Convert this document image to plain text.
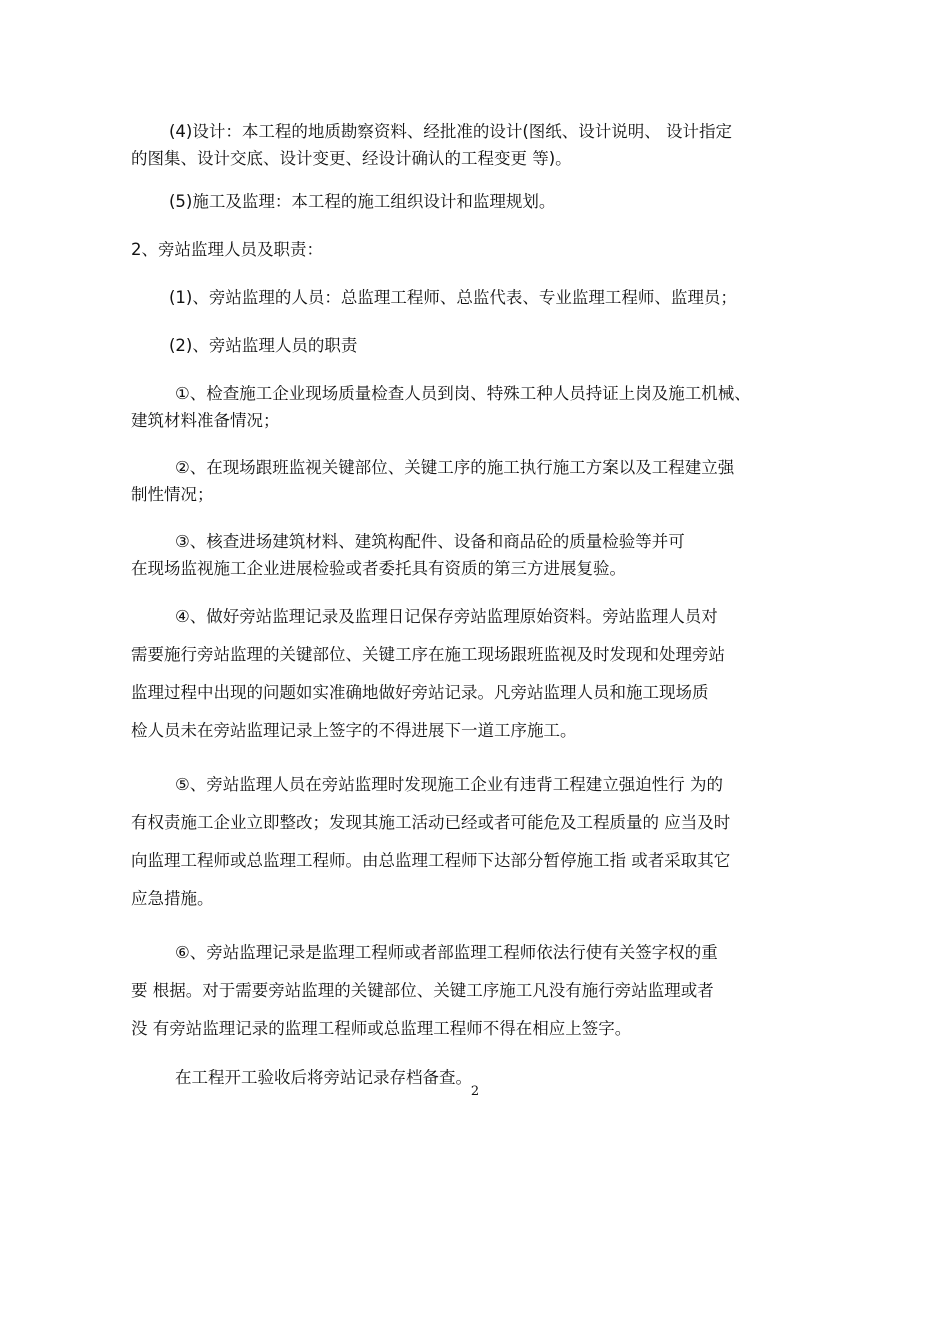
(4)设计：本工程的地质勘察资料、经批准的设计(图纸、设计说明、 设计指定
的图集、设计交底、设计变更、经设计确认的工程变更 等)。

(5)施工及监理：本工程的施工组织设计和监理规划。

2、旁站监理人员及职责：

(1)、旁站监理的人员：总监理工程师、总监代表、专业监理工程师、监理员；

(2)、旁站监理人员的职责

①、检查施工企业现场质量检查人员到岗、特殊工种人员持证上岗及施工机械、
建筑材料准备情况；

②、在现场跟班监视关键部位、关键工序的施工执行施工方案以及工程建立强
制性情况；

③、核查进场建筑材料、建筑构配件、设备和商品砼的质量检验等并可
在现场监视施工企业进展检验或者委托具有资质的第三方进展复验。

④、做好旁站监理记录及监理日记保存旁站监理原始资料。旁站监理人员对
需要施行旁站监理的关键部位、关键工序在施工现场跟班监视及时发现和处理旁站
监理过程中出现的问题如实准确地做好旁站记录。凡旁站监理人员和施工现场质
检人员未在旁站监理记录上签字的不得进展下一道工序施工。

⑤、旁站监理人员在旁站监理时发现施工企业有违背工程建立强迫性行 为的
有权责施工企业立即整改；发现其施工活动已经或者可能危及工程质量的 应当及时
向监理工程师或总监理工程师。由总监理工程师下达部分暂停施工指 或者采取其它
应急措施。

⑥、旁站监理记录是监理工程师或者部监理工程师依法行使有关签字权的重
要 根据。对于需要旁站监理的关键部位、关键工序施工凡没有施行旁站监理或者
没 有旁站监理记录的监理工程师或总监理工程师不得在相应上签字。

在工程开工验收后将旁站记录存档备查。

2
